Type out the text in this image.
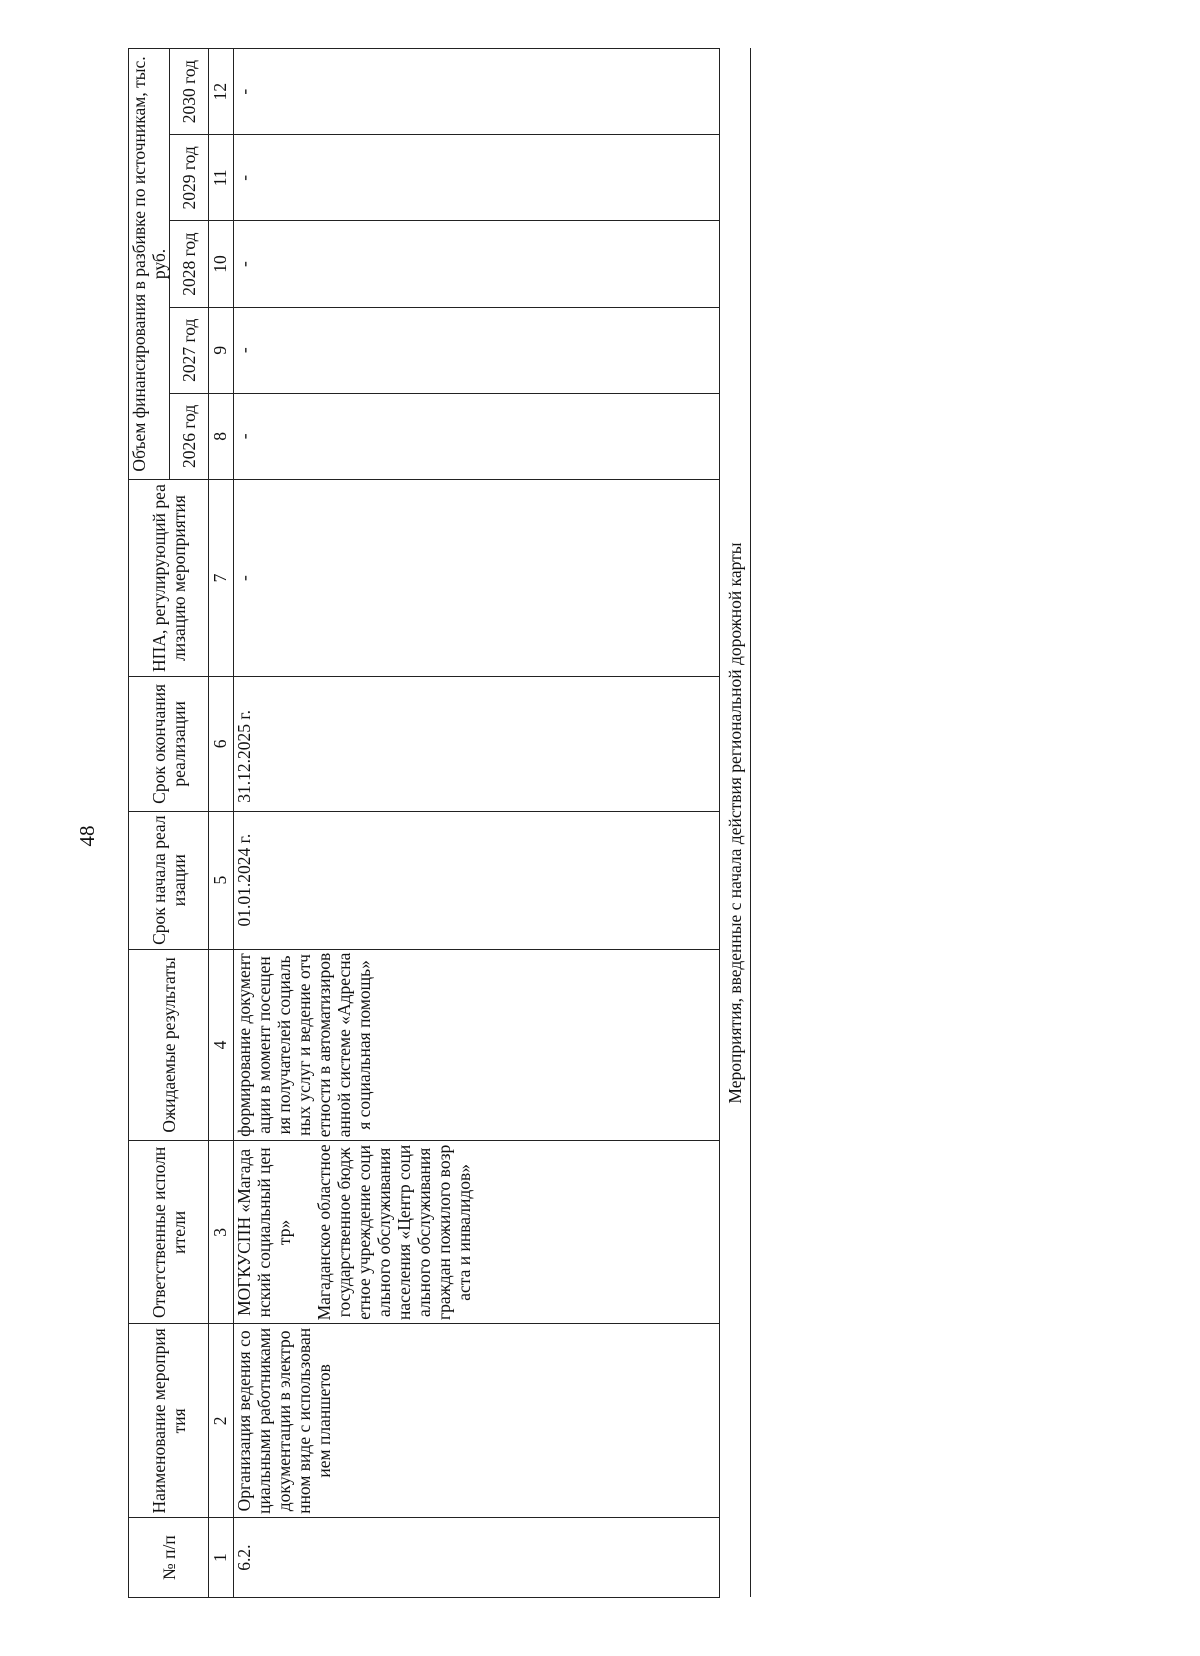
48
№ п/п	Наименование мероприятия	Ответственные исполнители	Ожидаемые результаты	Срок начала реализации	Срок окончания реализации	НПА, регулирующий реализацию мероприятия	Объем финансирования в разбивке по источникам, тыс. руб.				
							2026 год	2027 год	2028 год	2029 год	2030 год
1	2	3	4	5	6	7	8	9	10	11	12
6.2.	Организация ведения социальными работниками документации в электронном виде с использованием планшетов	МОГКУСПН «Магаданский социальный центр» Магаданское областное государственное бюджетное учреждение социального обслуживания населения «Центр социального обслуживания граждан пожилого возраста и инвалидов»	формирование документации в момент посещения получателей социальных услуг и ведение отчетности в автоматизированной системе «Адресная социальная помощь»	01.01.2024 г.	31.12.2025 г.	-	-	-	-	-	-
Мероприятия, введенные с начала действия региональной дорожной карты											
